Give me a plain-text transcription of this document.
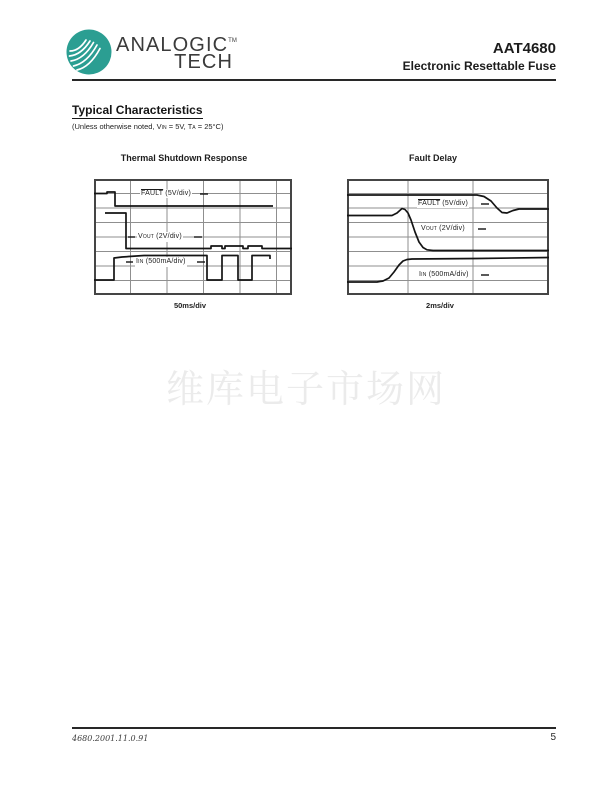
ANALOGIC™
TECH
AAT4680
Electronic Resettable Fuse
Typical Characteristics
(Unless otherwise noted, VIN = 5V, TA = 25°C)
Thermal Shutdown Response
FAULT (5V/div)
VOUT (2V/div)
IIN (500mA/div)
50ms/div
Fault Delay
FAULT (5V/div)
VOUT (2V/div)
IIN (500mA/div)
2ms/div
维库电子市场网
4680.2001.11.0.91	5
